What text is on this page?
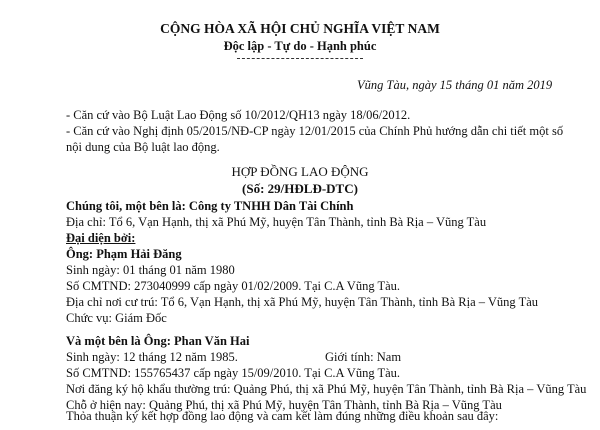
CỘNG HÒA XÃ HỘI CHỦ NGHĨA VIỆT NAM
Độc lập - Tự do - Hạnh phúc
Vũng Tàu, ngày 15 tháng 01 năm 2019
- Căn cứ vào Bộ Luật Lao Động số 10/2012/QH13 ngày 18/06/2012.
- Căn cứ vào Nghị định 05/2015/NĐ-CP ngày 12/01/2015 của Chính Phủ hướng dẫn chi tiết một số
nội dung của Bộ luật lao động.
HỢP ĐỒNG LAO ĐỘNG
(Số: 29/HĐLĐ-DTC)
Chúng tôi, một bên là: Công ty TNHH Dân Tài Chính
Địa chỉ: Tổ 6, Vạn Hạnh, thị xã Phú Mỹ, huyện Tân Thành, tỉnh Bà Rịa – Vũng Tàu
Đại diện bởi:
Ông: Phạm Hải Đăng
Sinh ngày: 01 tháng 01 năm 1980
Số CMTND: 273040999 cấp ngày 01/02/2009. Tại C.A Vũng Tàu.
Địa chỉ nơi cư trú: Tổ 6, Vạn Hạnh, thị xã Phú Mỹ, huyện Tân Thành, tỉnh Bà Rịa – Vũng Tàu
Chức vụ: Giám Đốc
Và một bên là Ông: Phan Văn Hai
Sinh ngày: 12 tháng 12 năm 1985.	Giới tính: Nam
Số CMTND: 155765437 cấp ngày 15/09/2010. Tại C.A Vũng Tàu.
Nơi đăng ký hộ khẩu thường trú: Quảng Phú, thị xã Phú Mỹ, huyện Tân Thành, tỉnh Bà Rịa – Vũng Tàu
Chỗ ở hiện nay: Quảng Phú, thị xã Phú Mỹ, huyện Tân Thành, tỉnh Bà Rịa – Vũng Tàu
Thỏa thuận ký kết hợp đồng lao động và cam kết làm đúng những điều khoản sau đây:
